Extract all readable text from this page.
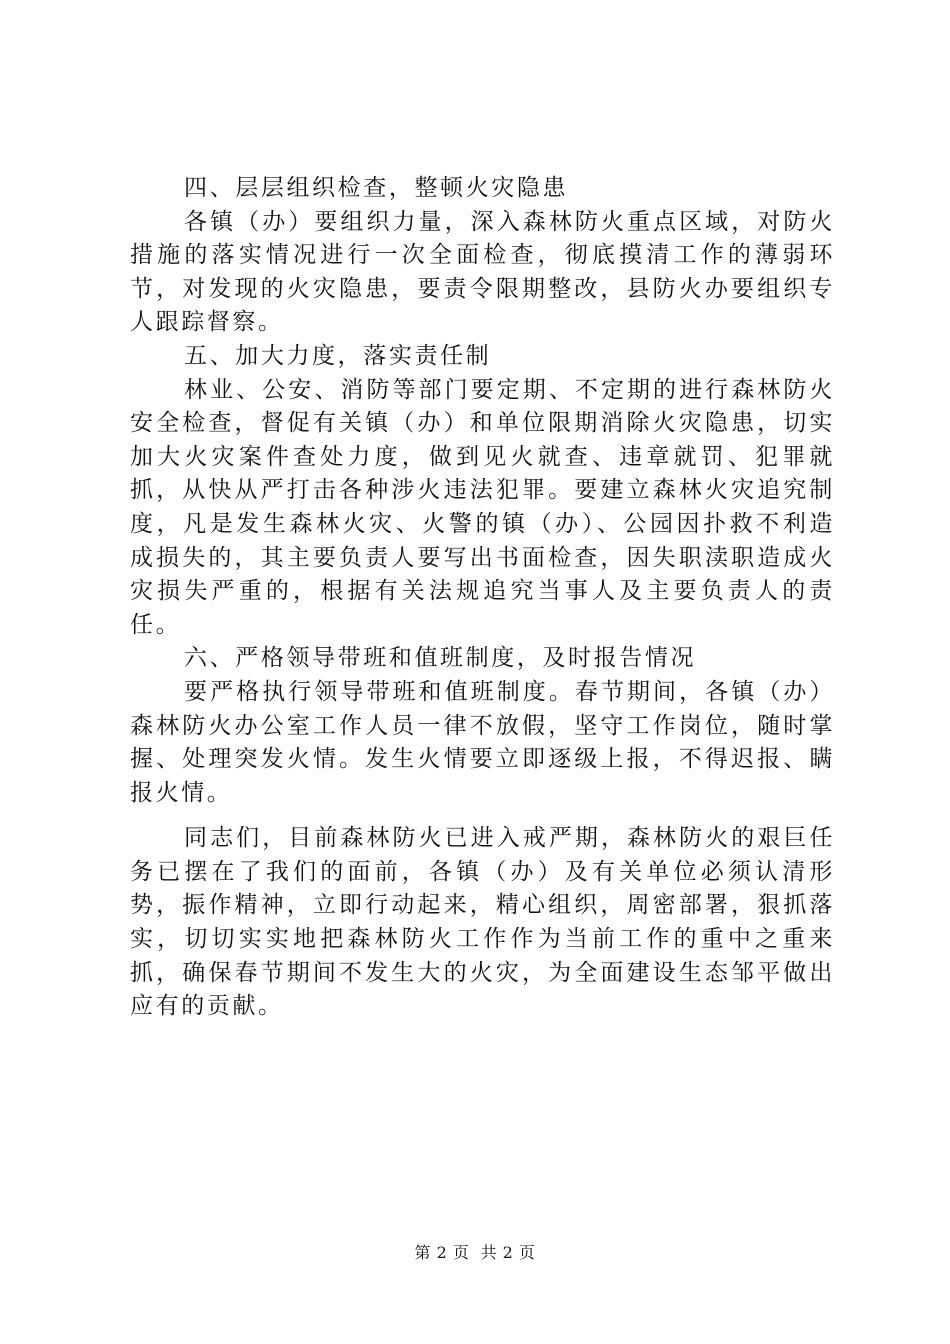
四、层层组织检查，整顿火灾隐患

各镇（办）要组织力量，深入森林防火重点区域，对防火措施的落实情况进行一次全面检查，彻底摸清工作的薄弱环节，对发现的火灾隐患，要责令限期整改，县防火办要组织专人跟踪督察。

五、加大力度，落实责任制

林业、公安、消防等部门要定期、不定期的进行森林防火安全检查，督促有关镇（办）和单位限期消除火灾隐患，切实加大火灾案件查处力度，做到见火就查、违章就罚、犯罪就抓，从快从严打击各种涉火违法犯罪。要建立森林火灾追究制度，凡是发生森林火灾、火警的镇（办）、公园因扑救不利造成损失的，其主要负责人要写出书面检查，因失职渎职造成火灾损失严重的，根据有关法规追究当事人及主要负责人的责任。

六、严格领导带班和值班制度，及时报告情况

要严格执行领导带班和值班制度。春节期间，各镇（办）森林防火办公室工作人员一律不放假，坚守工作岗位，随时掌握、处理突发火情。发生火情要立即逐级上报，不得迟报、瞒报火情。

同志们，目前森林防火已进入戒严期，森林防火的艰巨任务已摆在了我们的面前，各镇（办）及有关单位必须认清形势，振作精神，立即行动起来，精心组织，周密部署，狠抓落实，切切实实地把森林防火工作作为当前工作的重中之重来抓，确保春节期间不发生大的火灾，为全面建设生态邹平做出应有的贡献。

第 2 页  共 2 页
